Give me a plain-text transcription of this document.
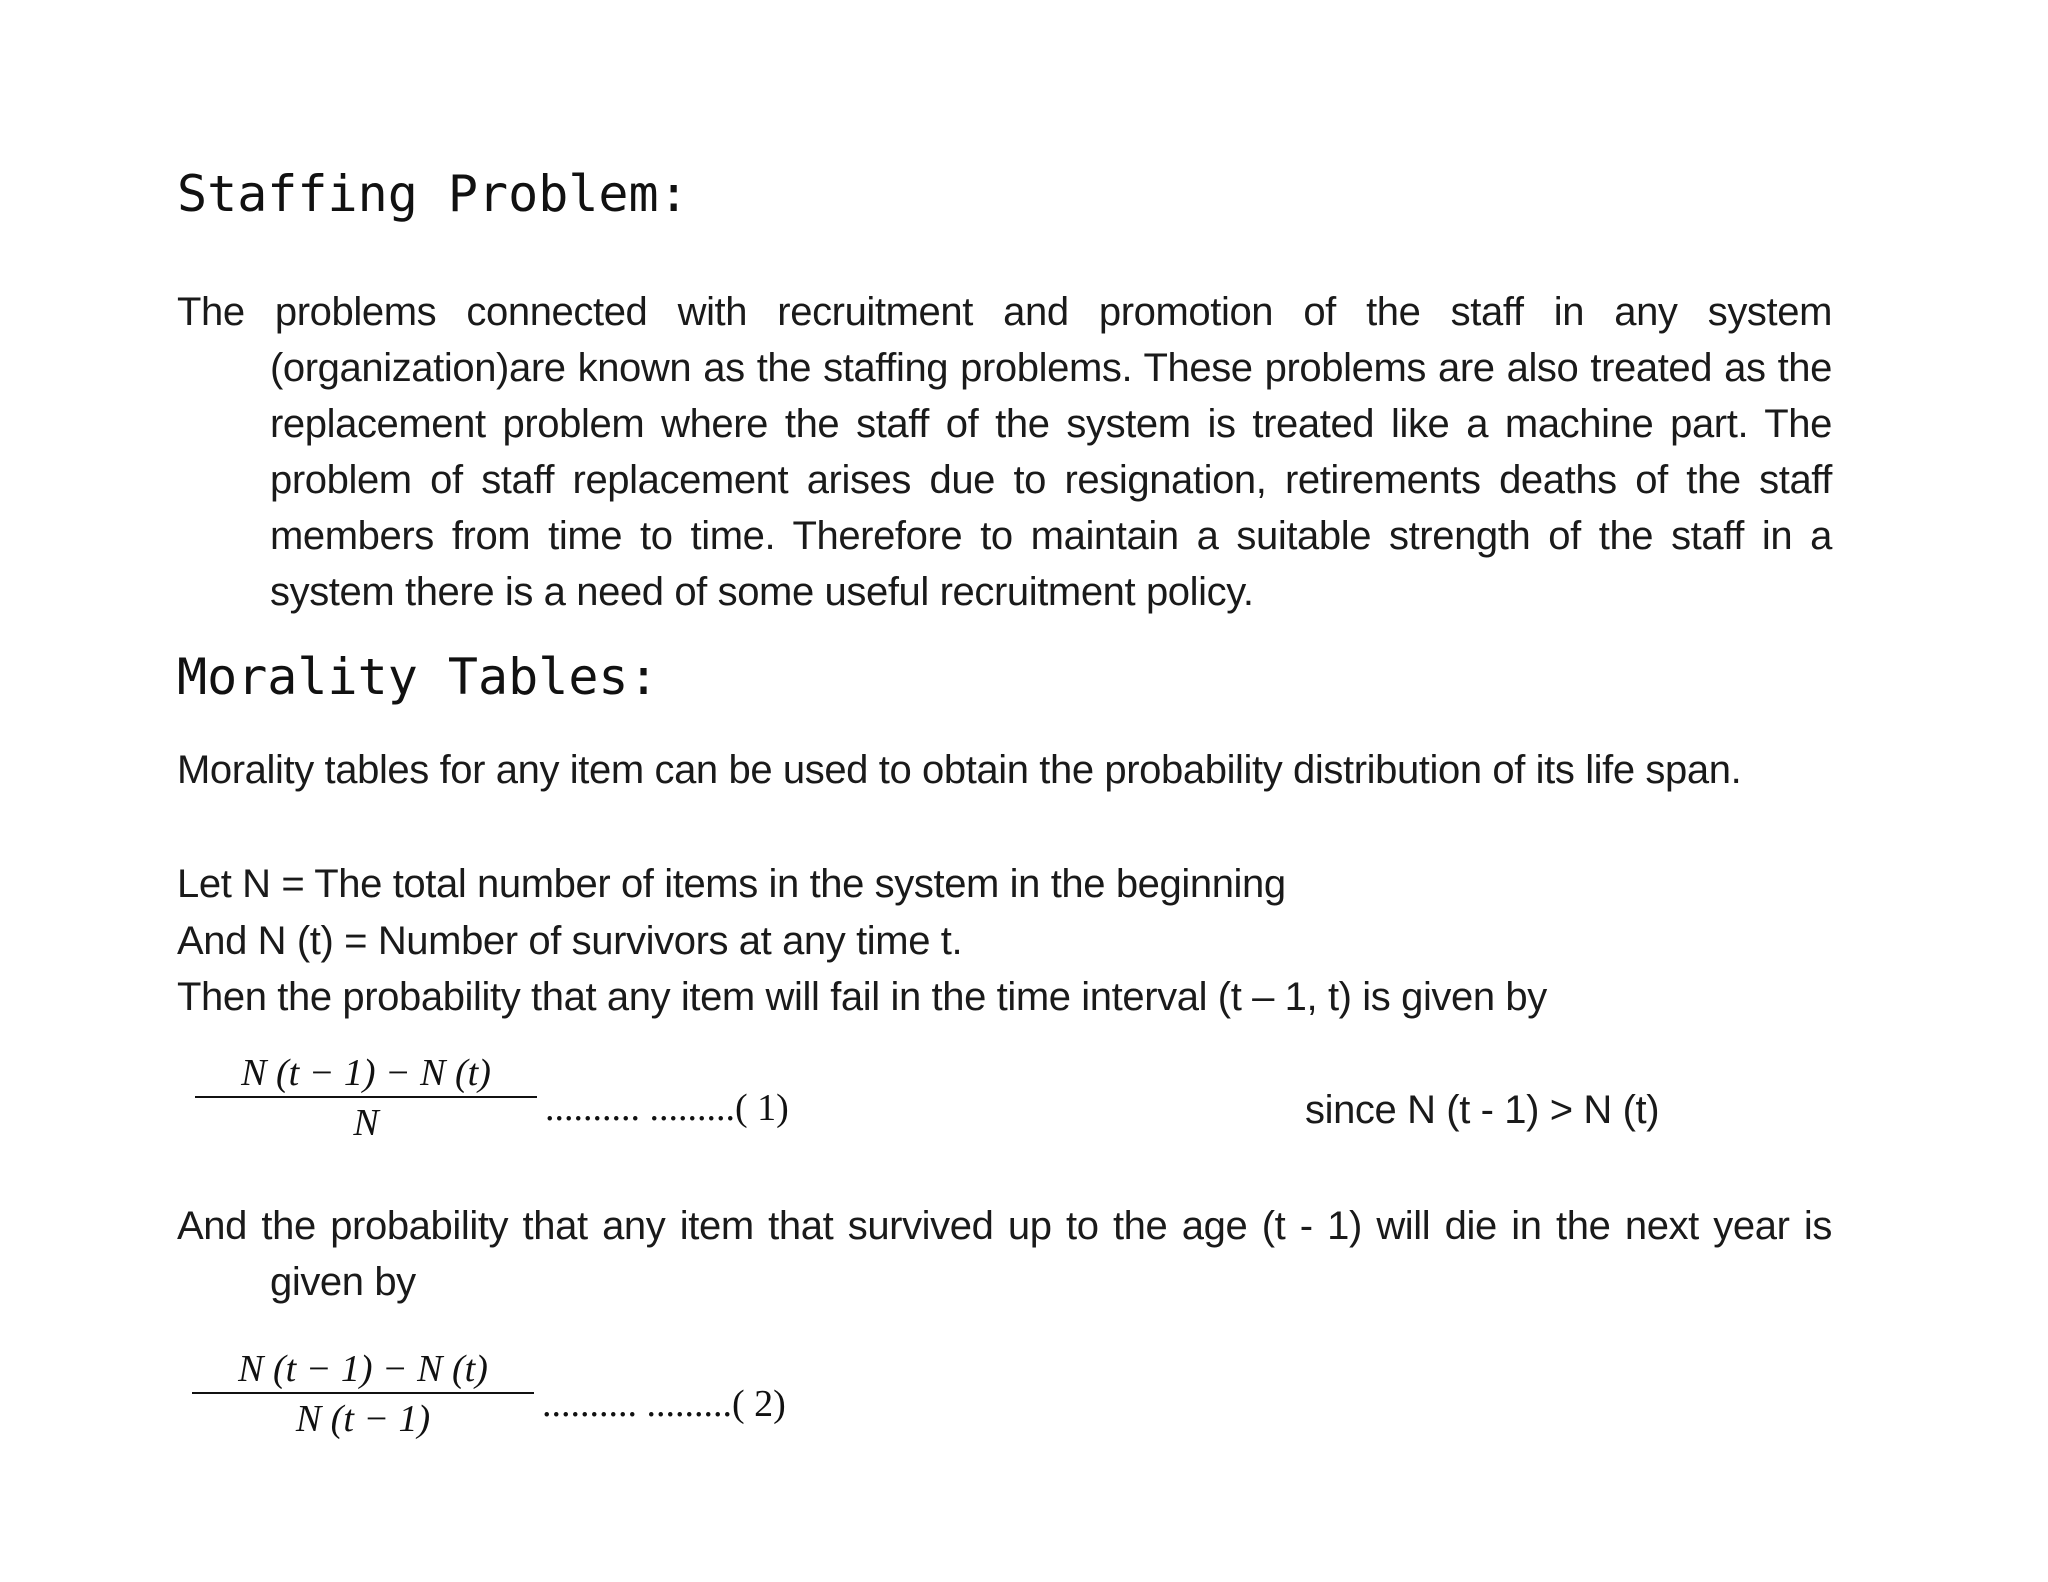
Staffing Problem:

The problems connected with recruitment and promotion of the staff in any system (organization)are known as the staffing problems. These problems are also treated as the replacement problem where the staff of the system is treated like a machine part. The problem of staff replacement arises due to resignation, retirements deaths of the staff members from time to time. Therefore to maintain a suitable strength of the staff in a system there is a need of some useful recruitment policy.

Morality Tables:

Morality tables for any item can be used to obtain the probability distribution of its life span.

Let N = The total number of items in the system in the beginning

And N (t) = Number of survivors at any time t.

Then the probability that any item will fail in the time interval (t – 1, t) is given by

N (t − 1) − N (t)
N	.......... .........( 1)	since N (t - 1) > N (t)

And the probability that any item that survived up to the age (t - 1) will die in the next year is given by

N (t − 1) − N (t)
N (t − 1)	.......... .........( 2)
